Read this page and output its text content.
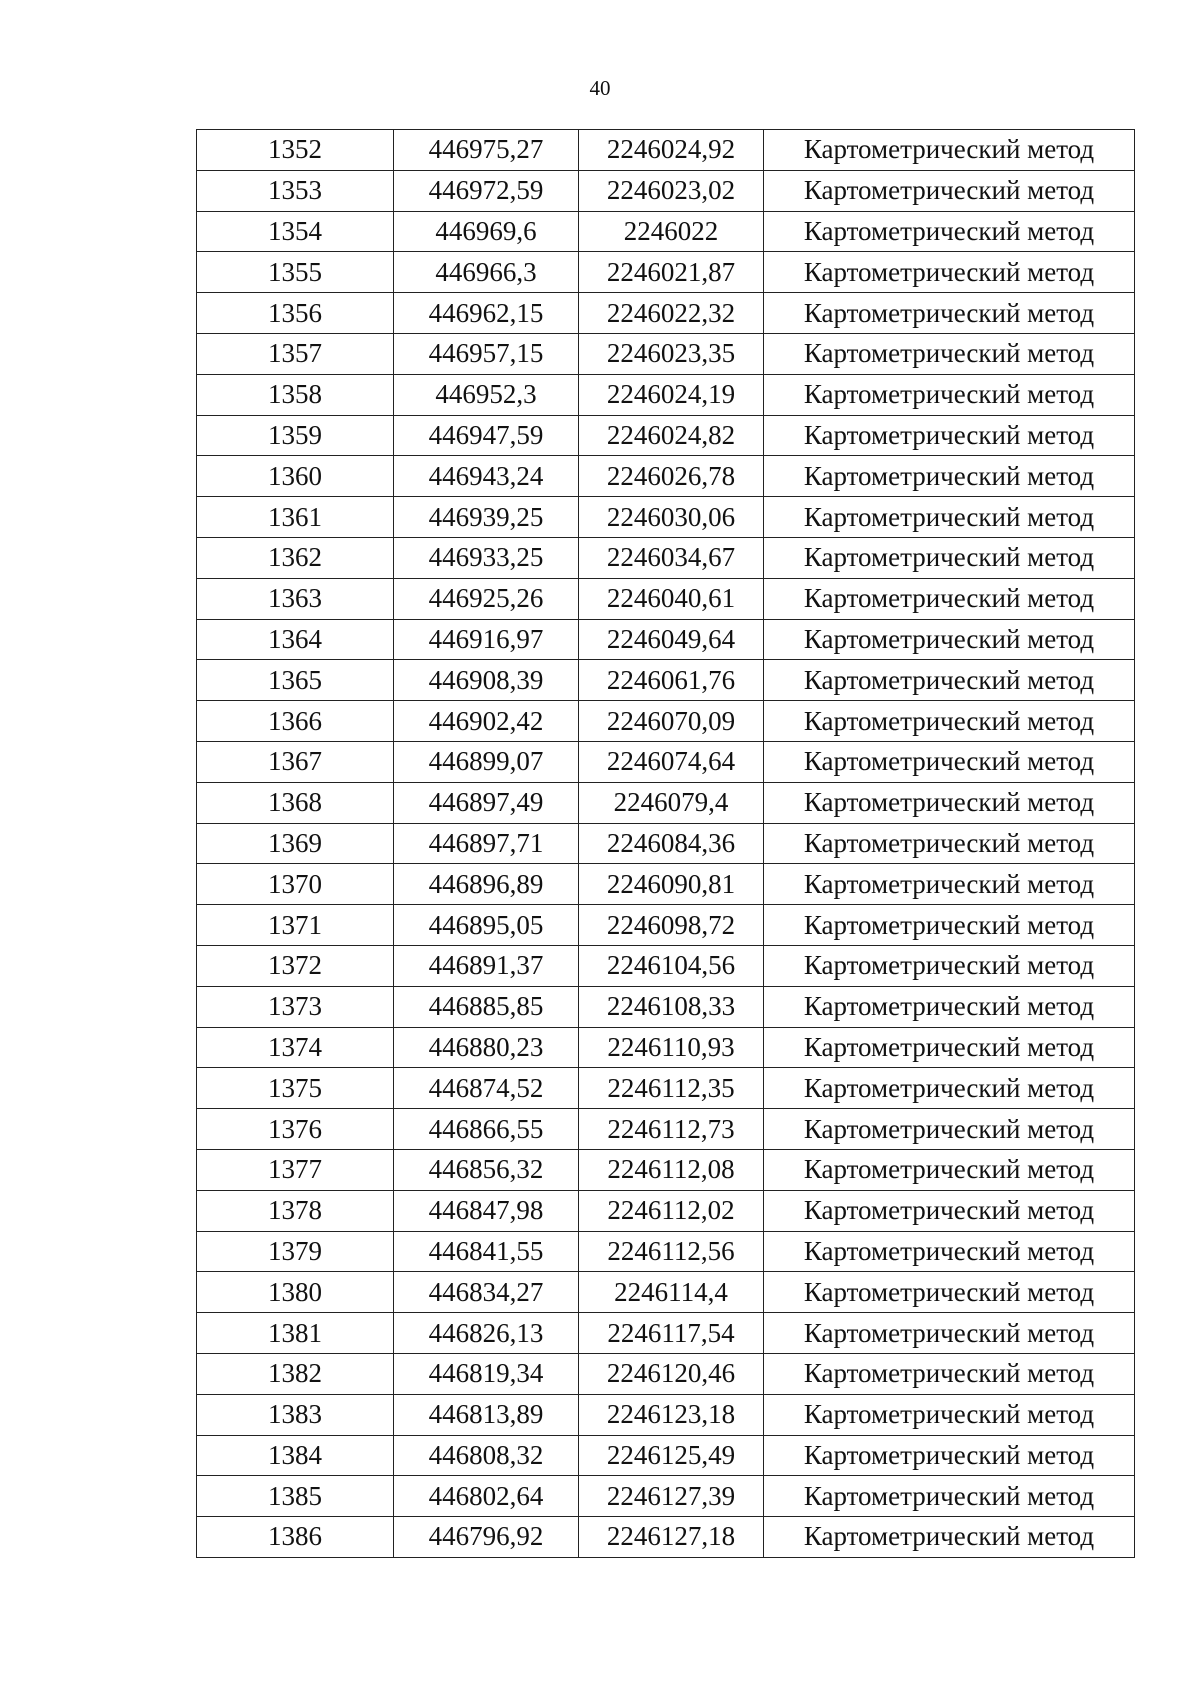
40
1352	446975,27	2246024,92	Картометрический метод
1353	446972,59	2246023,02	Картометрический метод
1354	446969,6	2246022	Картометрический метод
1355	446966,3	2246021,87	Картометрический метод
1356	446962,15	2246022,32	Картометрический метод
1357	446957,15	2246023,35	Картометрический метод
1358	446952,3	2246024,19	Картометрический метод
1359	446947,59	2246024,82	Картометрический метод
1360	446943,24	2246026,78	Картометрический метод
1361	446939,25	2246030,06	Картометрический метод
1362	446933,25	2246034,67	Картометрический метод
1363	446925,26	2246040,61	Картометрический метод
1364	446916,97	2246049,64	Картометрический метод
1365	446908,39	2246061,76	Картометрический метод
1366	446902,42	2246070,09	Картометрический метод
1367	446899,07	2246074,64	Картометрический метод
1368	446897,49	2246079,4	Картометрический метод
1369	446897,71	2246084,36	Картометрический метод
1370	446896,89	2246090,81	Картометрический метод
1371	446895,05	2246098,72	Картометрический метод
1372	446891,37	2246104,56	Картометрический метод
1373	446885,85	2246108,33	Картометрический метод
1374	446880,23	2246110,93	Картометрический метод
1375	446874,52	2246112,35	Картометрический метод
1376	446866,55	2246112,73	Картометрический метод
1377	446856,32	2246112,08	Картометрический метод
1378	446847,98	2246112,02	Картометрический метод
1379	446841,55	2246112,56	Картометрический метод
1380	446834,27	2246114,4	Картометрический метод
1381	446826,13	2246117,54	Картометрический метод
1382	446819,34	2246120,46	Картометрический метод
1383	446813,89	2246123,18	Картометрический метод
1384	446808,32	2246125,49	Картометрический метод
1385	446802,64	2246127,39	Картометрический метод
1386	446796,92	2246127,18	Картометрический метод
